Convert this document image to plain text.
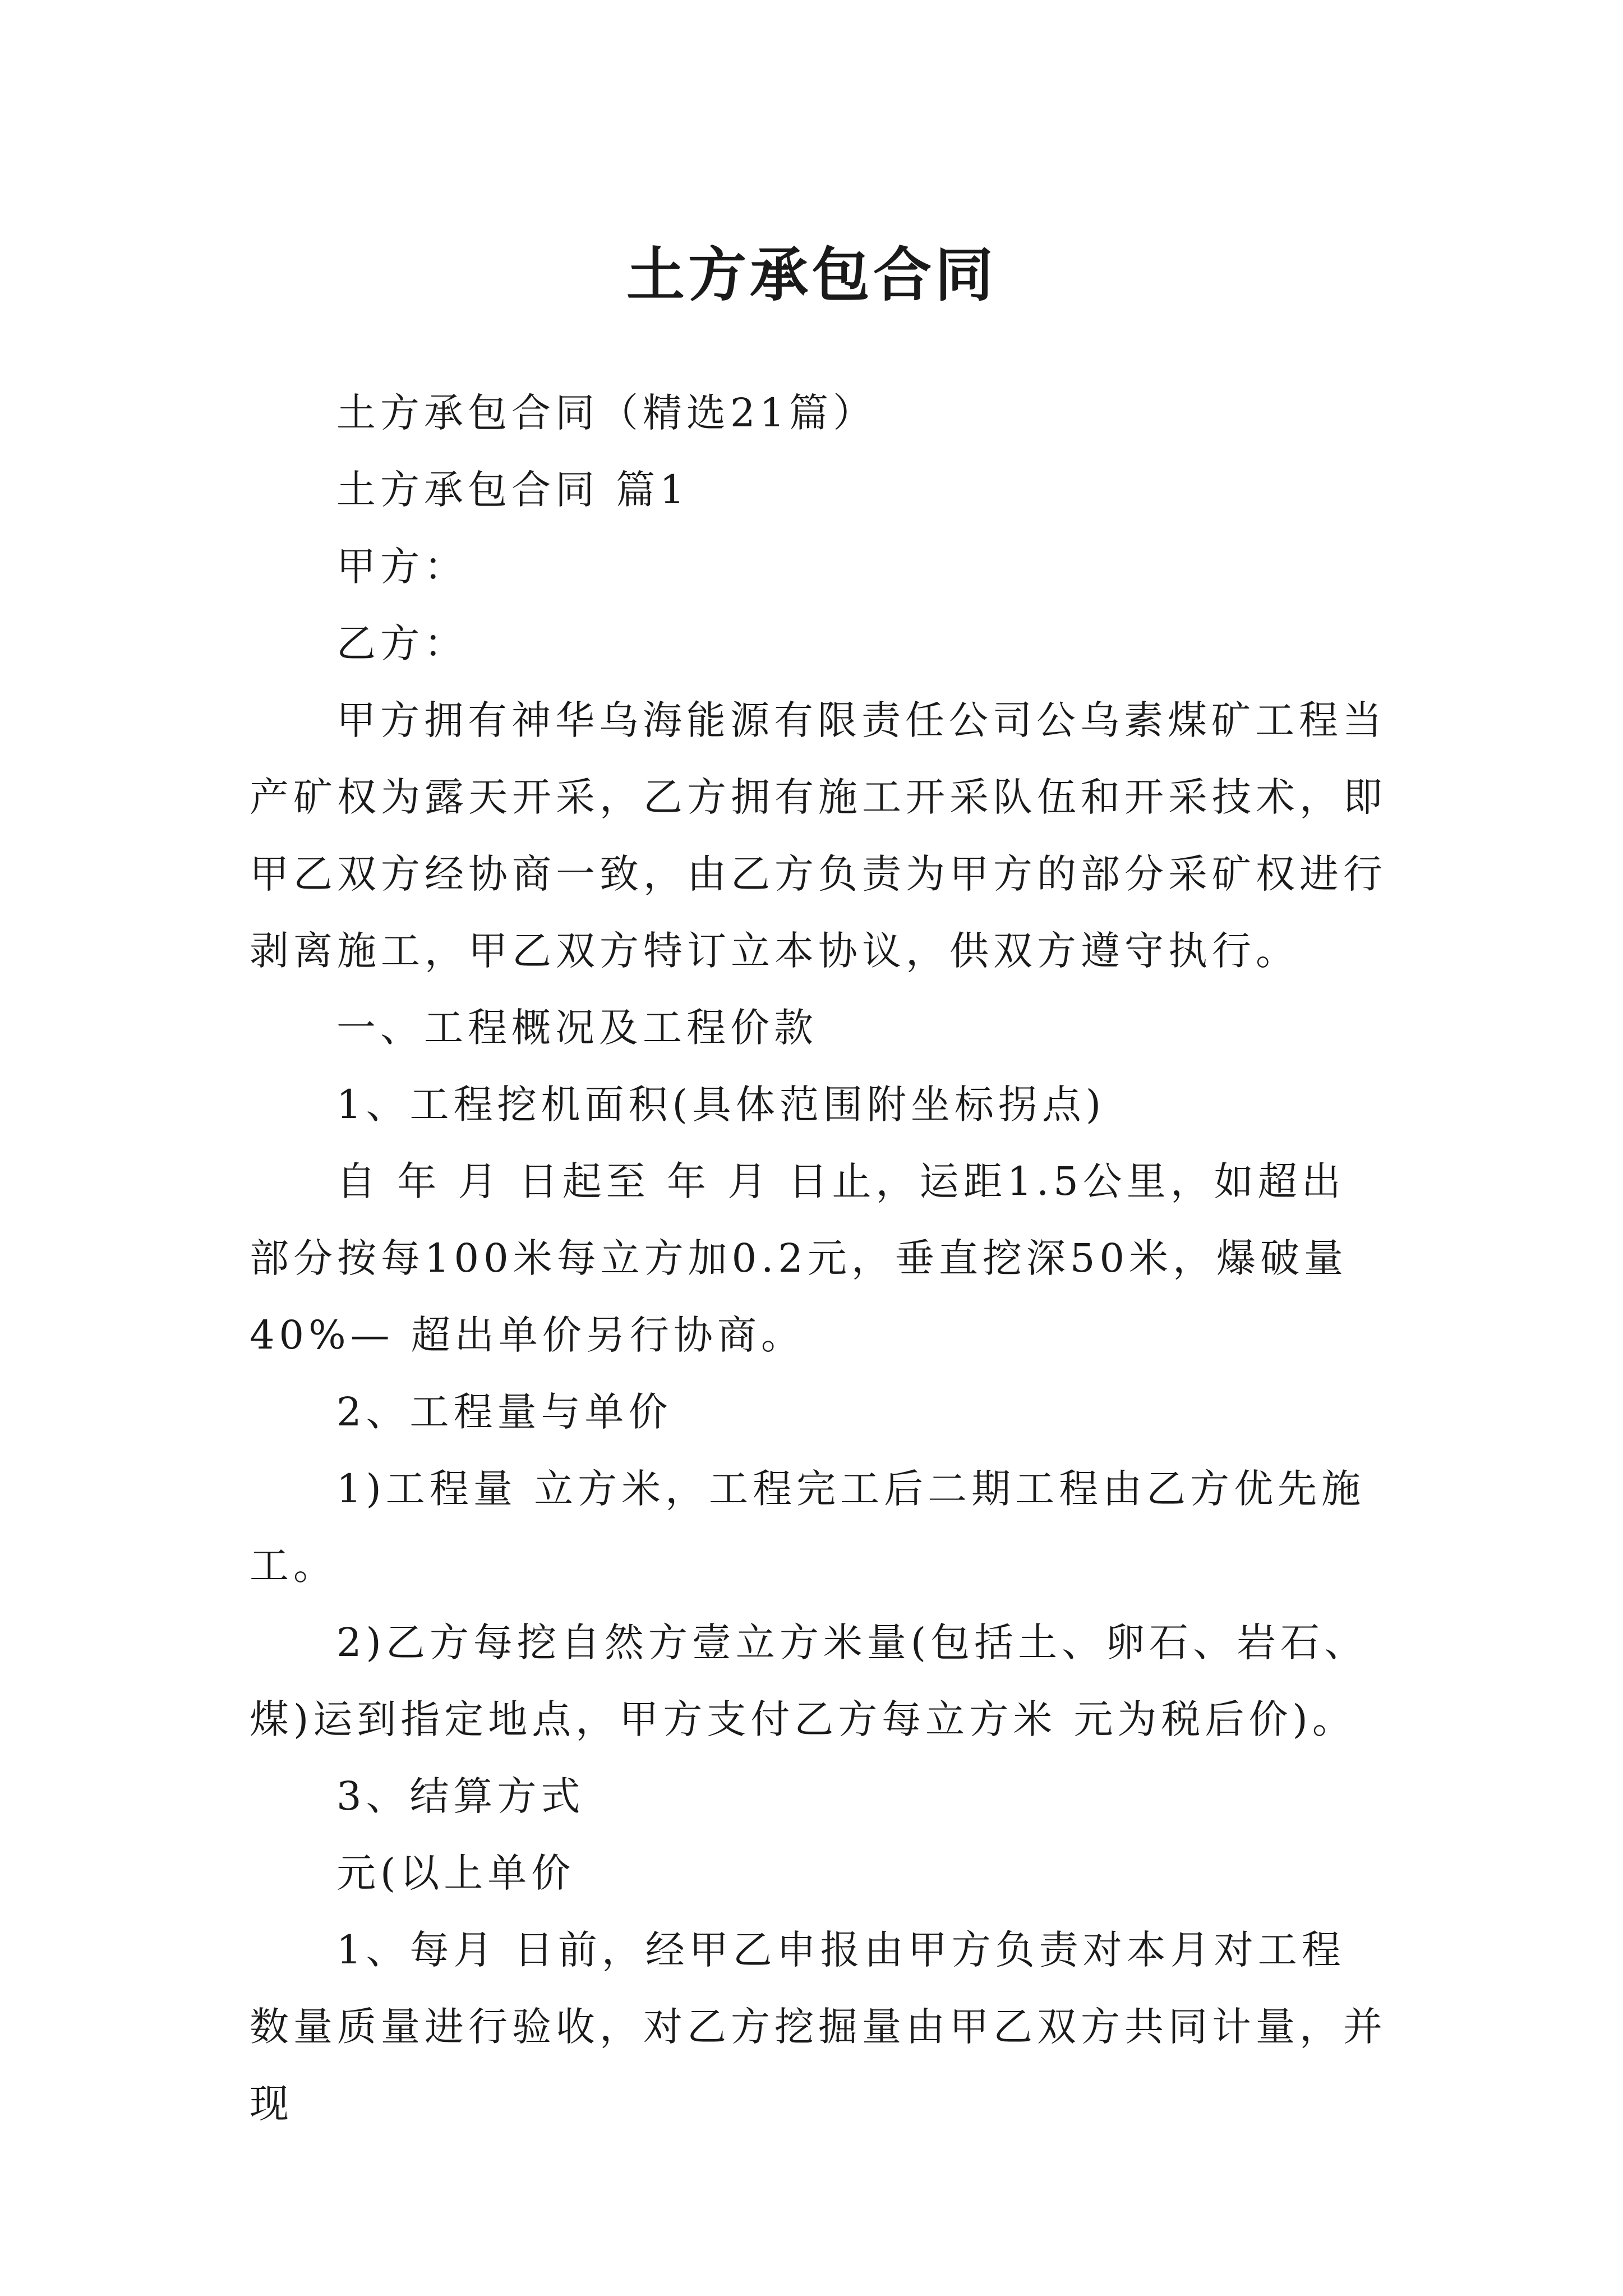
土方承包合同

土方承包合同（精选21篇）

土方承包合同 篇1

甲方：

乙方：

甲方拥有神华乌海能源有限责任公司公乌素煤矿工程当产矿权为露天开采，乙方拥有施工开采队伍和开采技术，即甲乙双方经协商一致，由乙方负责为甲方的部分采矿权进行剥离施工，甲乙双方特订立本协议，供双方遵守执行。

一、工程概况及工程价款

1、工程挖机面积(具体范围附坐标拐点)

自 年 月 日起至 年 月 日止，运距1.5公里，如超出部分按每100米每立方加0.2元，垂直挖深50米，爆破量40%— 超出单价另行协商。

2、工程量与单价

1)工程量 立方米，工程完工后二期工程由乙方优先施工。

2)乙方每挖自然方壹立方米量(包括土、卵石、岩石、煤)运到指定地点，甲方支付乙方每立方米 元为税后价)。

3、结算方式

元(以上单价

1、每月 日前，经甲乙申报由甲方负责对本月对工程数量质量进行验收，对乙方挖掘量由甲乙双方共同计量，并现
